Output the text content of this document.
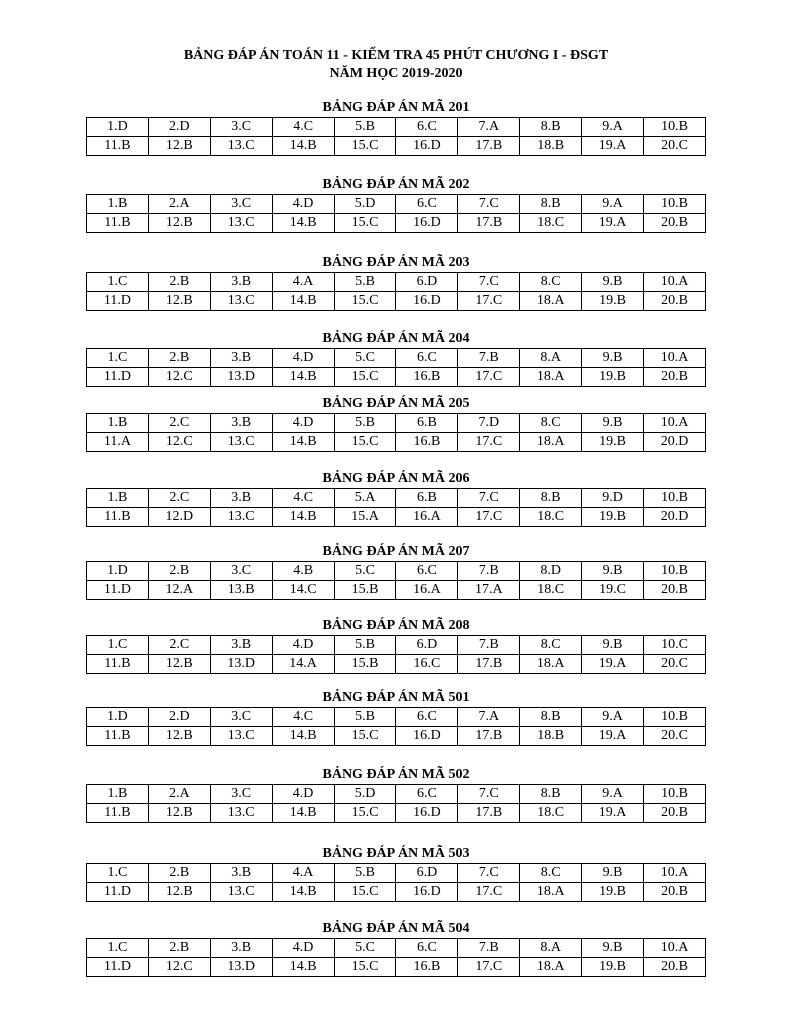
BẢNG ĐÁP ÁN TOÁN 11 - KIỂM TRA 45 PHÚT CHƯƠNG I - ĐSGT
NĂM HỌC 2019-2020
BẢNG ĐÁP ÁN MÃ 201
1.D	2.D	3.C	4.C	5.B	6.C	7.A	8.B	9.A	10.B
11.B	12.B	13.C	14.B	15.C	16.D	17.B	18.B	19.A	20.C
BẢNG ĐÁP ÁN MÃ 202
1.B	2.A	3.C	4.D	5.D	6.C	7.C	8.B	9.A	10.B
11.B	12.B	13.C	14.B	15.C	16.D	17.B	18.C	19.A	20.B
BẢNG ĐÁP ÁN MÃ 203
1.C	2.B	3.B	4.A	5.B	6.D	7.C	8.C	9.B	10.A
11.D	12.B	13.C	14.B	15.C	16.D	17.C	18.A	19.B	20.B
BẢNG ĐÁP ÁN MÃ 204
1.C	2.B	3.B	4.D	5.C	6.C	7.B	8.A	9.B	10.A
11.D	12.C	13.D	14.B	15.C	16.B	17.C	18.A	19.B	20.B
BẢNG ĐÁP ÁN MÃ 205
1.B	2.C	3.B	4.D	5.B	6.B	7.D	8.C	9.B	10.A
11.A	12.C	13.C	14.B	15.C	16.B	17.C	18.A	19.B	20.D
BẢNG ĐÁP ÁN MÃ 206
1.B	2.C	3.B	4.C	5.A	6.B	7.C	8.B	9.D	10.B
11.B	12.D	13.C	14.B	15.A	16.A	17.C	18.C	19.B	20.D
BẢNG ĐÁP ÁN MÃ 207
1.D	2.B	3.C	4.B	5.C	6.C	7.B	8.D	9.B	10.B
11.D	12.A	13.B	14.C	15.B	16.A	17.A	18.C	19.C	20.B
BẢNG ĐÁP ÁN MÃ 208
1.C	2.C	3.B	4.D	5.B	6.D	7.B	8.C	9.B	10.C
11.B	12.B	13.D	14.A	15.B	16.C	17.B	18.A	19.A	20.C
BẢNG ĐÁP ÁN MÃ 501
1.D	2.D	3.C	4.C	5.B	6.C	7.A	8.B	9.A	10.B
11.B	12.B	13.C	14.B	15.C	16.D	17.B	18.B	19.A	20.C
BẢNG ĐÁP ÁN MÃ 502
1.B	2.A	3.C	4.D	5.D	6.C	7.C	8.B	9.A	10.B
11.B	12.B	13.C	14.B	15.C	16.D	17.B	18.C	19.A	20.B
BẢNG ĐÁP ÁN MÃ 503
1.C	2.B	3.B	4.A	5.B	6.D	7.C	8.C	9.B	10.A
11.D	12.B	13.C	14.B	15.C	16.D	17.C	18.A	19.B	20.B
BẢNG ĐÁP ÁN MÃ 504
1.C	2.B	3.B	4.D	5.C	6.C	7.B	8.A	9.B	10.A
11.D	12.C	13.D	14.B	15.C	16.B	17.C	18.A	19.B	20.B
